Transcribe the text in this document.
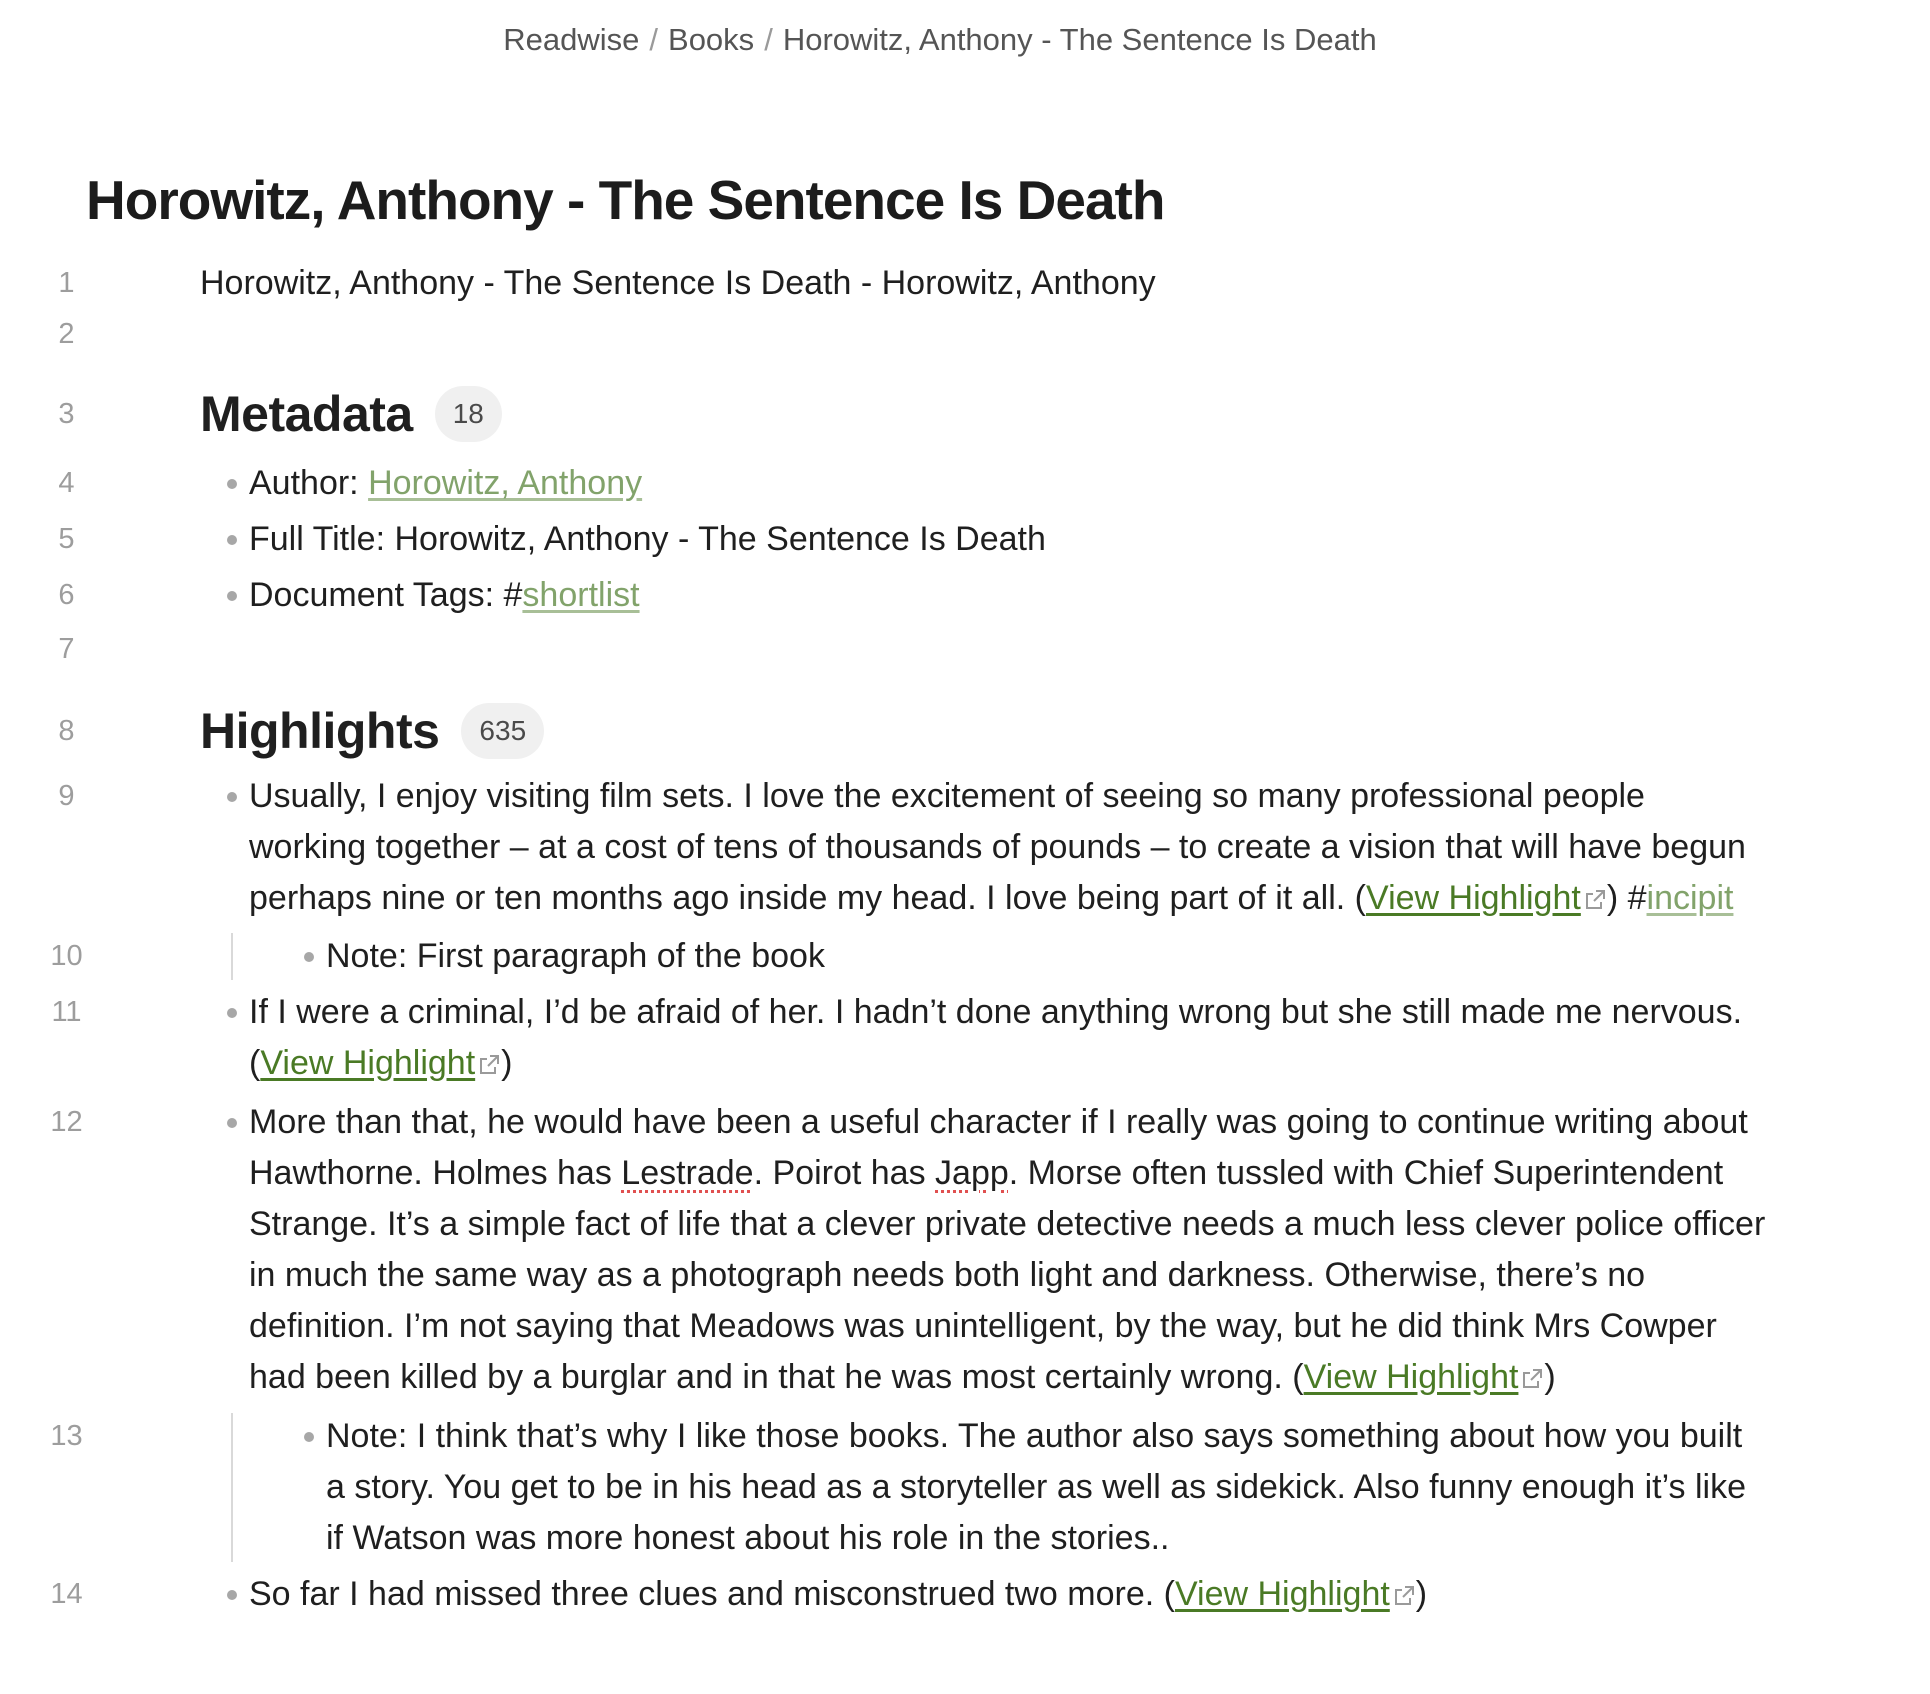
Readwise / Books / Horowitz, Anthony - The Sentence Is Death
Horowitz, Anthony - The Sentence Is Death
1	Horowitz, Anthony - The Sentence Is Death - Horowitz, Anthony
2
3	Metadata	18
4	Author: Horowitz, Anthony
5	Full Title: Horowitz, Anthony - The Sentence Is Death
6	Document Tags: #shortlist
7
8	Highlights	635
9	Usually, I enjoy visiting film sets. I love the excitement of seeing so many professional people working together – at a cost of tens of thousands of pounds – to create a vision that will have begun perhaps nine or ten months ago inside my head. I love being part of it all. (View Highlight ) #incipit
10	Note: First paragraph of the book
11	If I were a criminal, I’d be afraid of her. I hadn’t done anything wrong but she still made me nervous. (View Highlight )
12	More than that, he would have been a useful character if I really was going to continue writing about Hawthorne. Holmes has Lestrade. Poirot has Japp. Morse often tussled with Chief Superintendent Strange. It’s a simple fact of life that a clever private detective needs a much less clever police officer in much the same way as a photograph needs both light and darkness. Otherwise, there’s no definition. I’m not saying that Meadows was unintelligent, by the way, but he did think Mrs Cowper had been killed by a burglar and in that he was most certainly wrong. (View Highlight )
13	Note: I think that’s why I like those books. The author also says something about how you built a story. You get to be in his head as a storyteller as well as sidekick. Also funny enough it’s like if Watson was more honest about his role in the stories..
14	So far I had missed three clues and misconstrued two more. (View Highlight )
